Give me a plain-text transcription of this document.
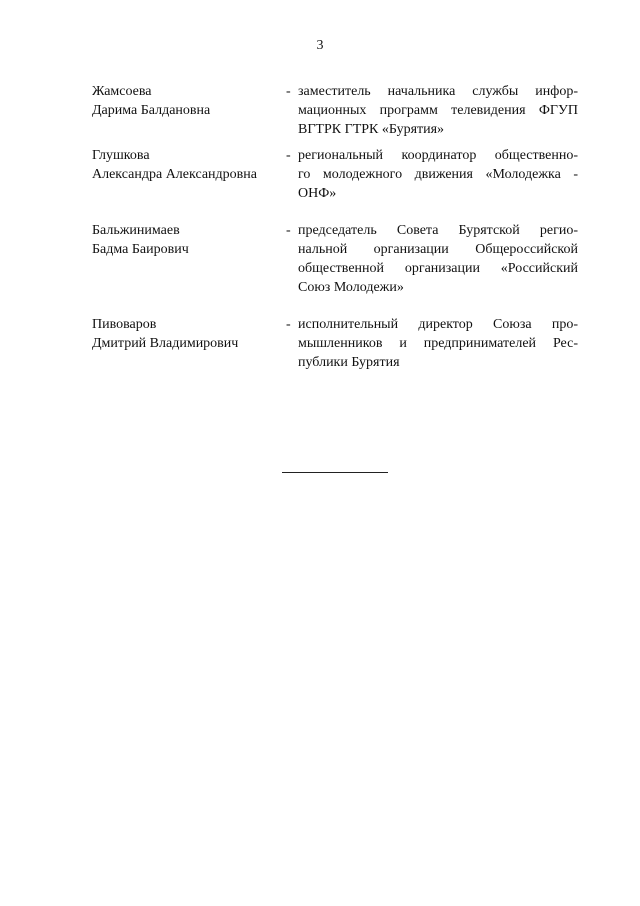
3
Жамсоева
Дарима Балдановна
- заместитель начальника службы инфор-
мационных программ телевидения ФГУП
ВГТРК ГТРК «Бурятия»
Глушкова
Александра Александровна
- региональный координатор общественно-
го молодежного движения «Молодежка -
ОНФ»
Бальжинимаев
Бадма Баирович
- председатель Совета Бурятской регио-
нальной организации Общероссийской
общественной организации «Российский
Союз Молодежи»
Пивоваров
Дмитрий Владимирович
- исполнительный директор Союза про-
мышленников и предпринимателей Рес-
публики Бурятия
